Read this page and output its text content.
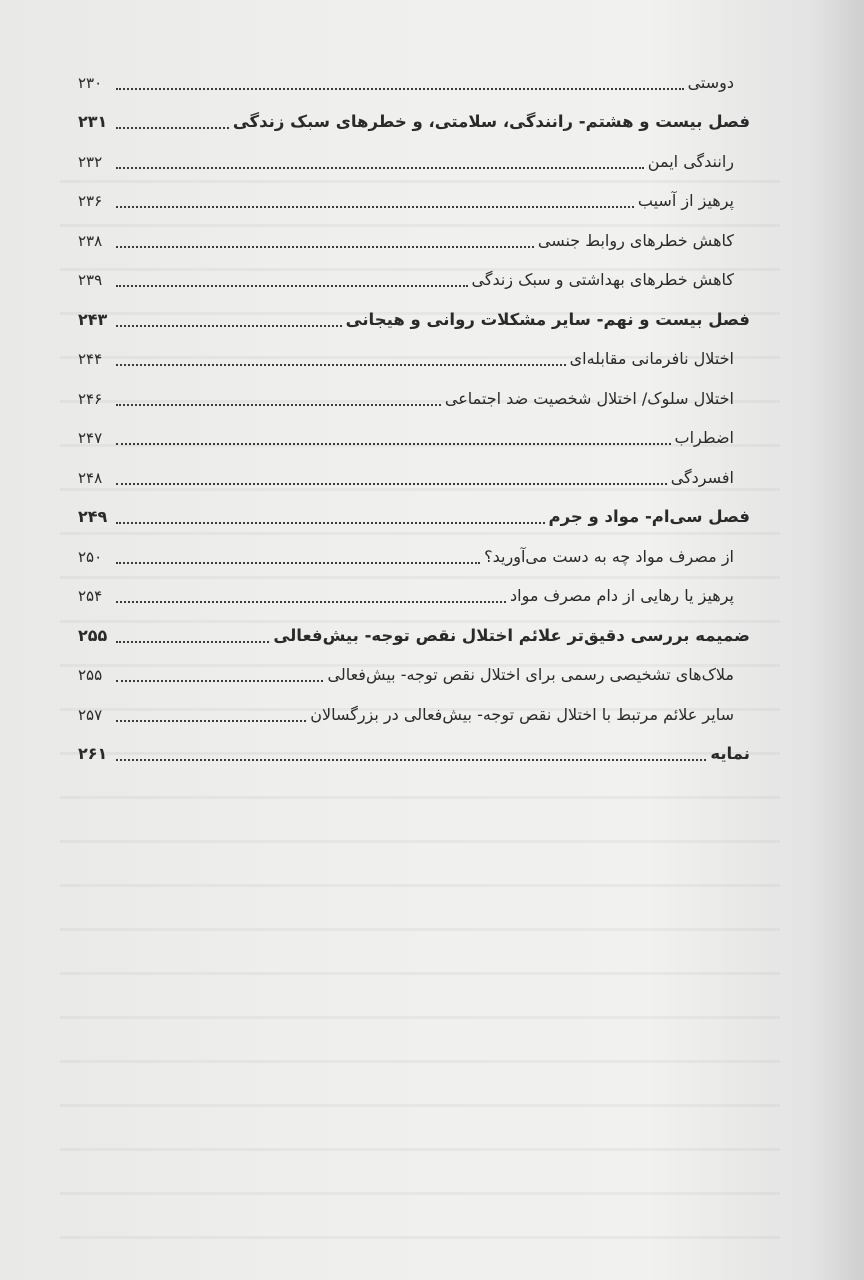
دوستی
۲۳۰
فصل بیست و هشتم- رانندگی، سلامتی، و خطرهای سبک زندگی
۲۳۱
رانندگی ایمن
۲۳۲
پرهیز از آسیب
۲۳۶
کاهش خطرهای روابط جنسی
۲۳۸
کاهش خطرهای بهداشتی و سبک زندگی
۲۳۹
فصل بیست و نهم- سایر مشکلات روانی و هیجانی
۲۴۳
اختلال نافرمانی مقابله‌ای
۲۴۴
اختلال سلوک/ اختلال شخصیت ضد اجتماعی
۲۴۶
اضطراب
۲۴۷
افسردگی
۲۴۸
فصل سی‌ام- مواد و جرم
۲۴۹
از مصرف مواد چه به دست می‌آورید؟
۲۵۰
پرهیز یا رهایی از دام مصرف مواد
۲۵۴
ضمیمه بررسی دقیق‌تر علائم اختلال نقص توجه- بیش‌فعالی
۲۵۵
ملاک‌های تشخیصی رسمی برای اختلال نقص توجه- بیش‌فعالی
۲۵۵
سایر علائم مرتبط با اختلال نقص توجه- بیش‌فعالی در بزرگسالان
۲۵۷
نمایه
۲۶۱
